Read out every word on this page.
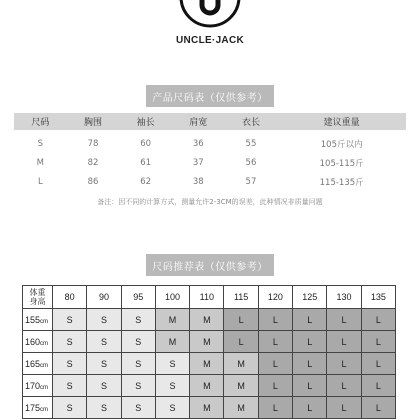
UNCLE·JACK
产品尺码表（仅供参考）
尺码	胸围	袖长	肩宽	衣长	建议重量
S	78	60	36	55	105斤以内
M	82	61	37	56	105-115斤
L	86	62	38	57	115-135斤
备注：因不同的计算方式，测量允许2-3CM的误差，此种情况非质量问题
尺码推荐表（仅供参考）
体重
身高	80	90	95	100	110	115	120	125	130	135
155cm	S	S	S	M	M	L	L	L	L	L
160cm	S	S	S	M	M	L	L	L	L	L
165cm	S	S	S	S	M	M	L	L	L	L
170cm	S	S	S	S	M	M	L	L	L	L
175cm	S	S	S	S	M	M	L	L	L	L
